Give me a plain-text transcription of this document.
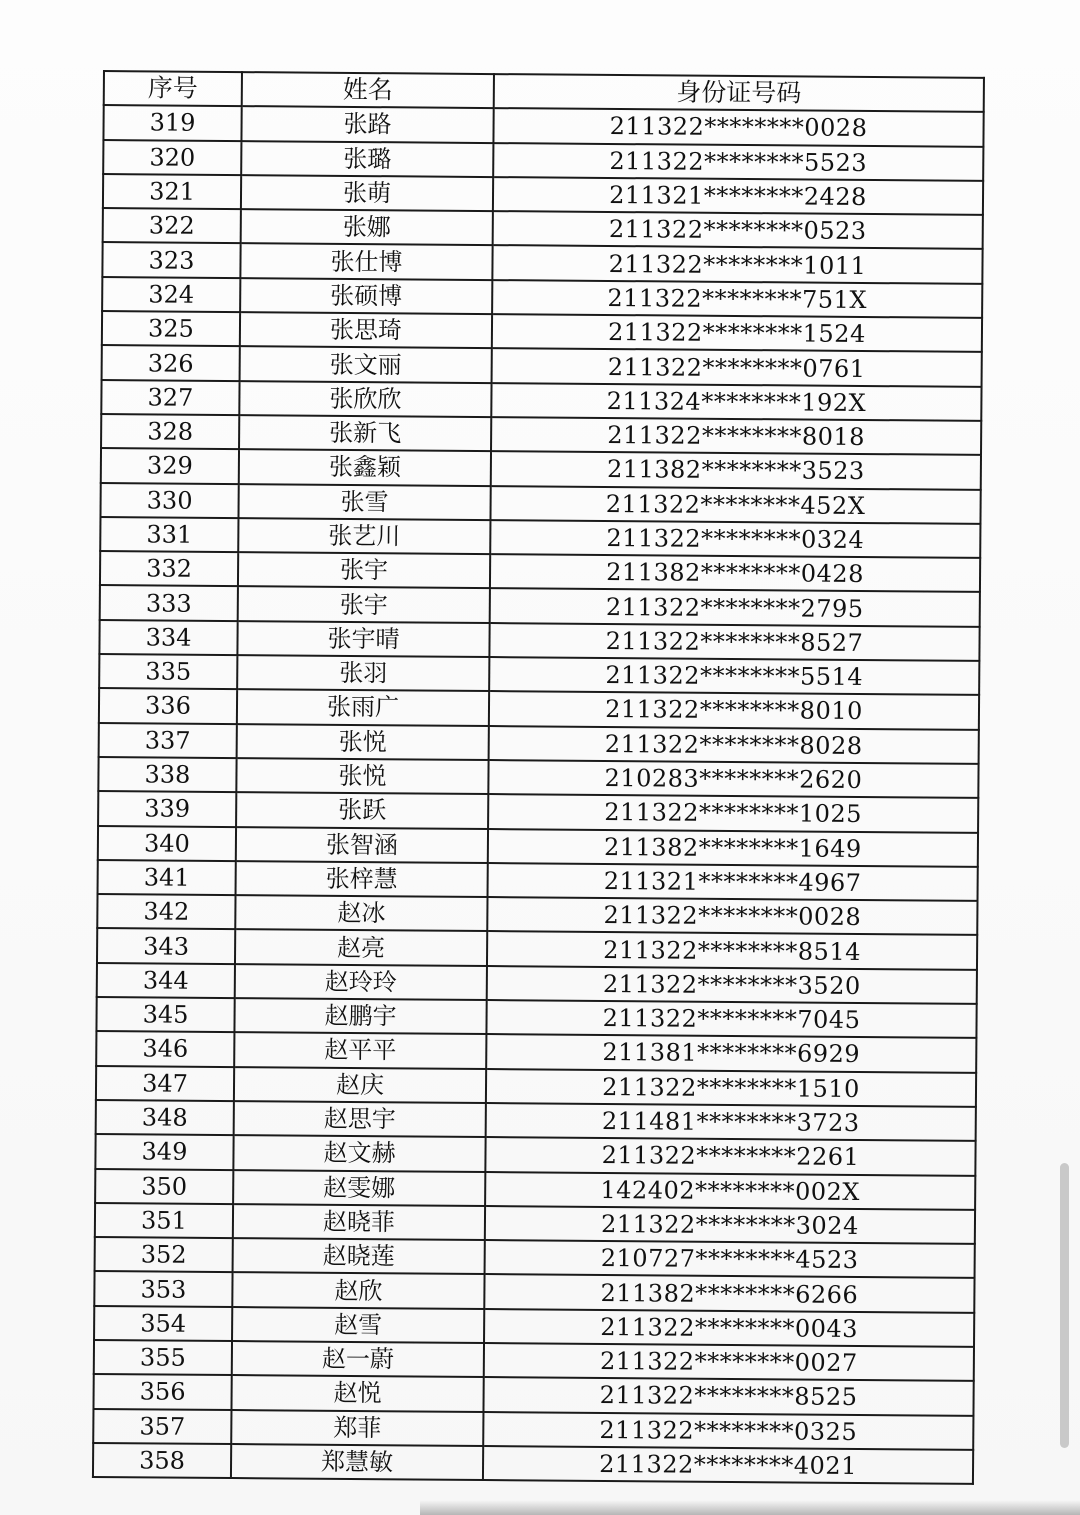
序号	姓名	身份证号码
319	张路	211322********0028
320	张璐	211322********5523
321	张萌	211321********2428
322	张娜	211322********0523
323	张仕博	211322********1011
324	张硕博	211322********751X
325	张思琦	211322********1524
326	张文丽	211322********0761
327	张欣欣	211324********192X
328	张新飞	211322********8018
329	张鑫颖	211382********3523
330	张雪	211322********452X
331	张艺川	211322********0324
332	张宇	211382********0428
333	张宇	211322********2795
334	张宇晴	211322********8527
335	张羽	211322********5514
336	张雨广	211322********8010
337	张悦	211322********8028
338	张悦	210283********2620
339	张跃	211322********1025
340	张智涵	211382********1649
341	张梓慧	211321********4967
342	赵冰	211322********0028
343	赵亮	211322********8514
344	赵玲玲	211322********3520
345	赵鹏宇	211322********7045
346	赵平平	211381********6929
347	赵庆	211322********1510
348	赵思宇	211481********3723
349	赵文赫	211322********2261
350	赵雯娜	142402********002X
351	赵晓菲	211322********3024
352	赵晓莲	210727********4523
353	赵欣	211382********6266
354	赵雪	211322********0043
355	赵一蔚	211322********0027
356	赵悦	211322********8525
357	郑菲	211322********0325
358	郑慧敏	211322********4021
